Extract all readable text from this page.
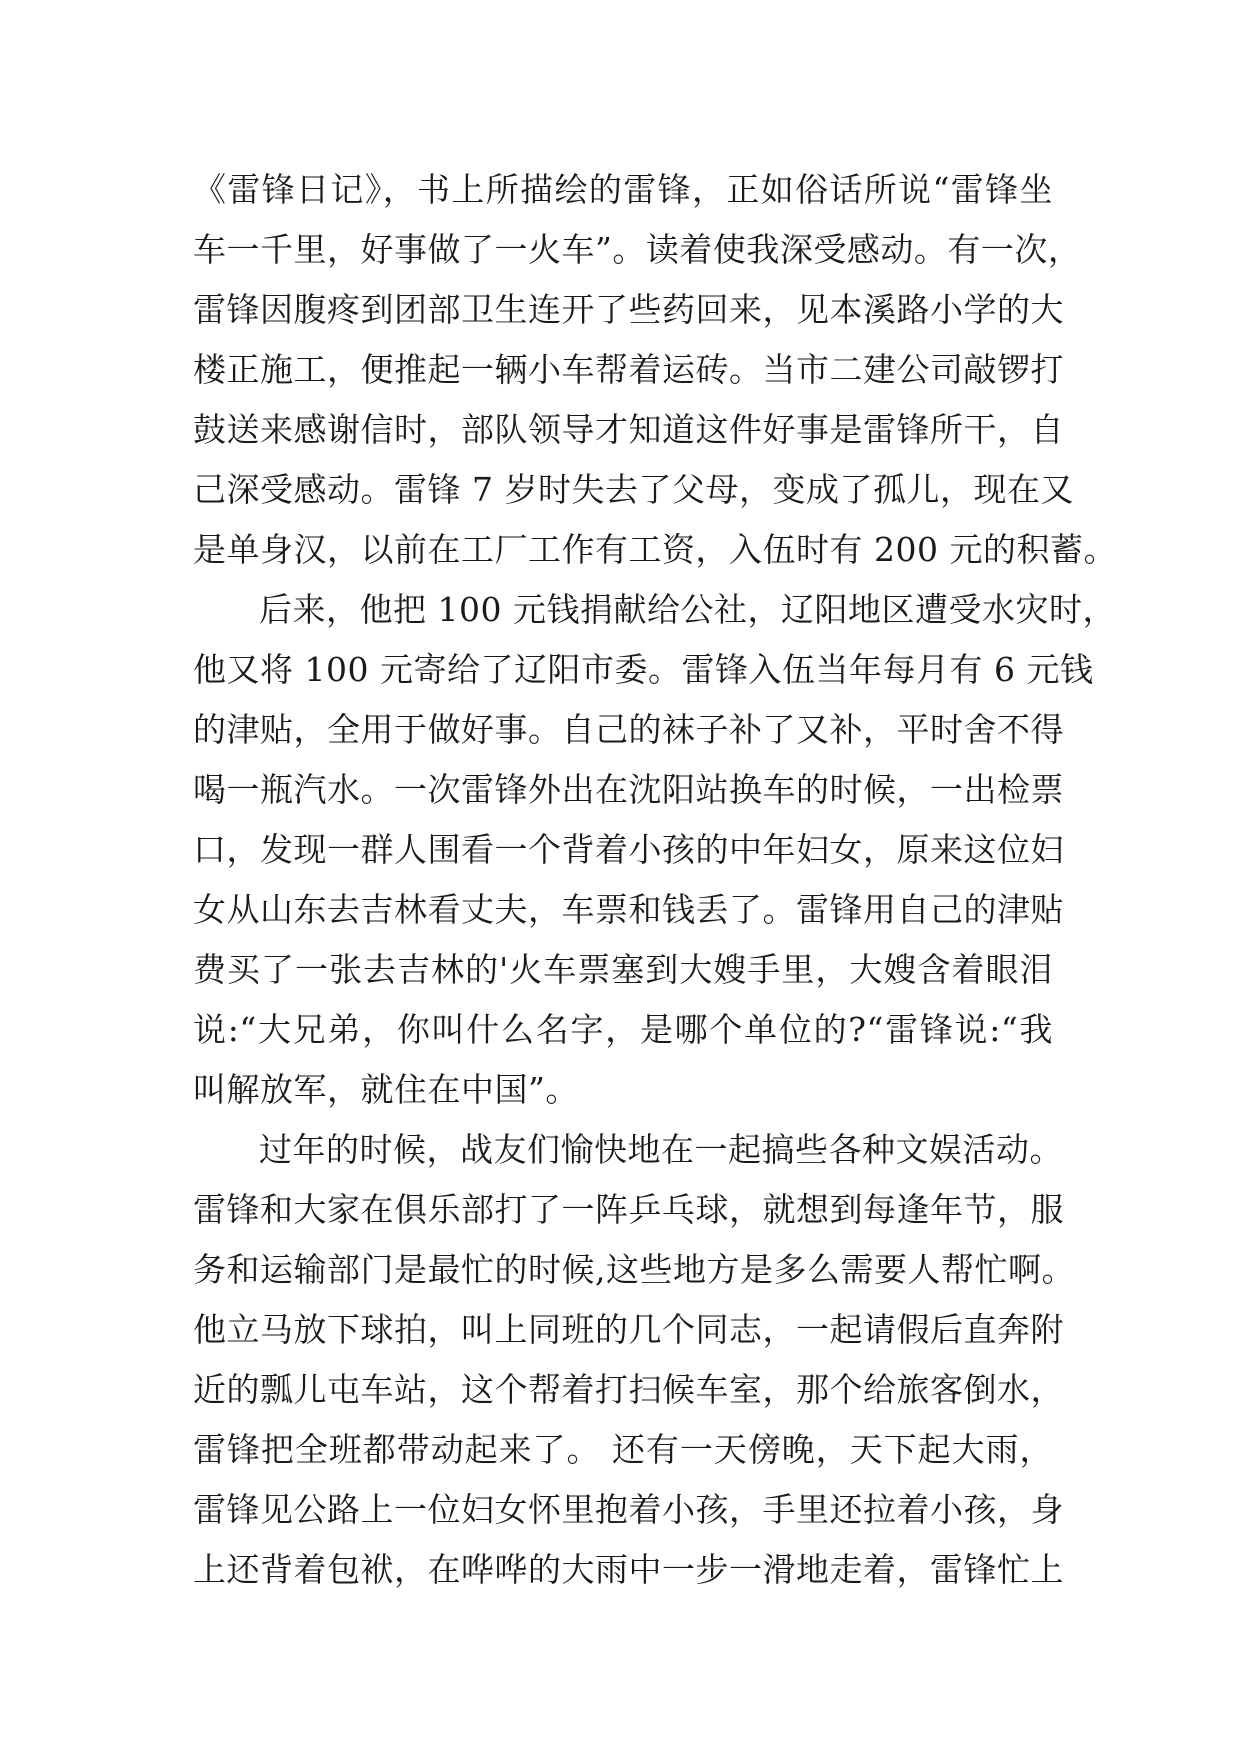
《雷锋日记》，书上所描绘的雷锋，正如俗话所说“雷锋坐
车一千里，好事做了一火车”。读着使我深受感动。有一次，
雷锋因腹疼到团部卫生连开了些药回来，见本溪路小学的大
楼正施工，便推起一辆小车帮着运砖。当市二建公司敲锣打
鼓送来感谢信时，部队领导才知道这件好事是雷锋所干，自
己深受感动。雷锋 7 岁时失去了父母，变成了孤儿，现在又
是单身汉，以前在工厂工作有工资，入伍时有 200 元的积蓄。
后来，他把 100 元钱捐献给公社，辽阳地区遭受水灾时，
他又将 100 元寄给了辽阳市委。雷锋入伍当年每月有 6 元钱
的津贴，全用于做好事。自己的袜子补了又补，平时舍不得
喝一瓶汽水。一次雷锋外出在沈阳站换车的时候，一出检票
口，发现一群人围看一个背着小孩的中年妇女，原来这位妇
女从山东去吉林看丈夫，车票和钱丢了。雷锋用自己的津贴
费买了一张去吉林的'火车票塞到大嫂手里，大嫂含着眼泪
说:“大兄弟，你叫什么名字，是哪个单位的?“雷锋说:“我
叫解放军，就住在中国”。
过年的时候，战友们愉快地在一起搞些各种文娱活动。
雷锋和大家在俱乐部打了一阵乒乓球，就想到每逢年节，服
务和运输部门是最忙的时候,这些地方是多么需要人帮忙啊。
他立马放下球拍，叫上同班的几个同志，一起请假后直奔附
近的瓢儿屯车站，这个帮着打扫候车室，那个给旅客倒水，
雷锋把全班都带动起来了。 还有一天傍晚，天下起大雨，
雷锋见公路上一位妇女怀里抱着小孩，手里还拉着小孩，身
上还背着包袱，在哗哗的大雨中一步一滑地走着，雷锋忙上
